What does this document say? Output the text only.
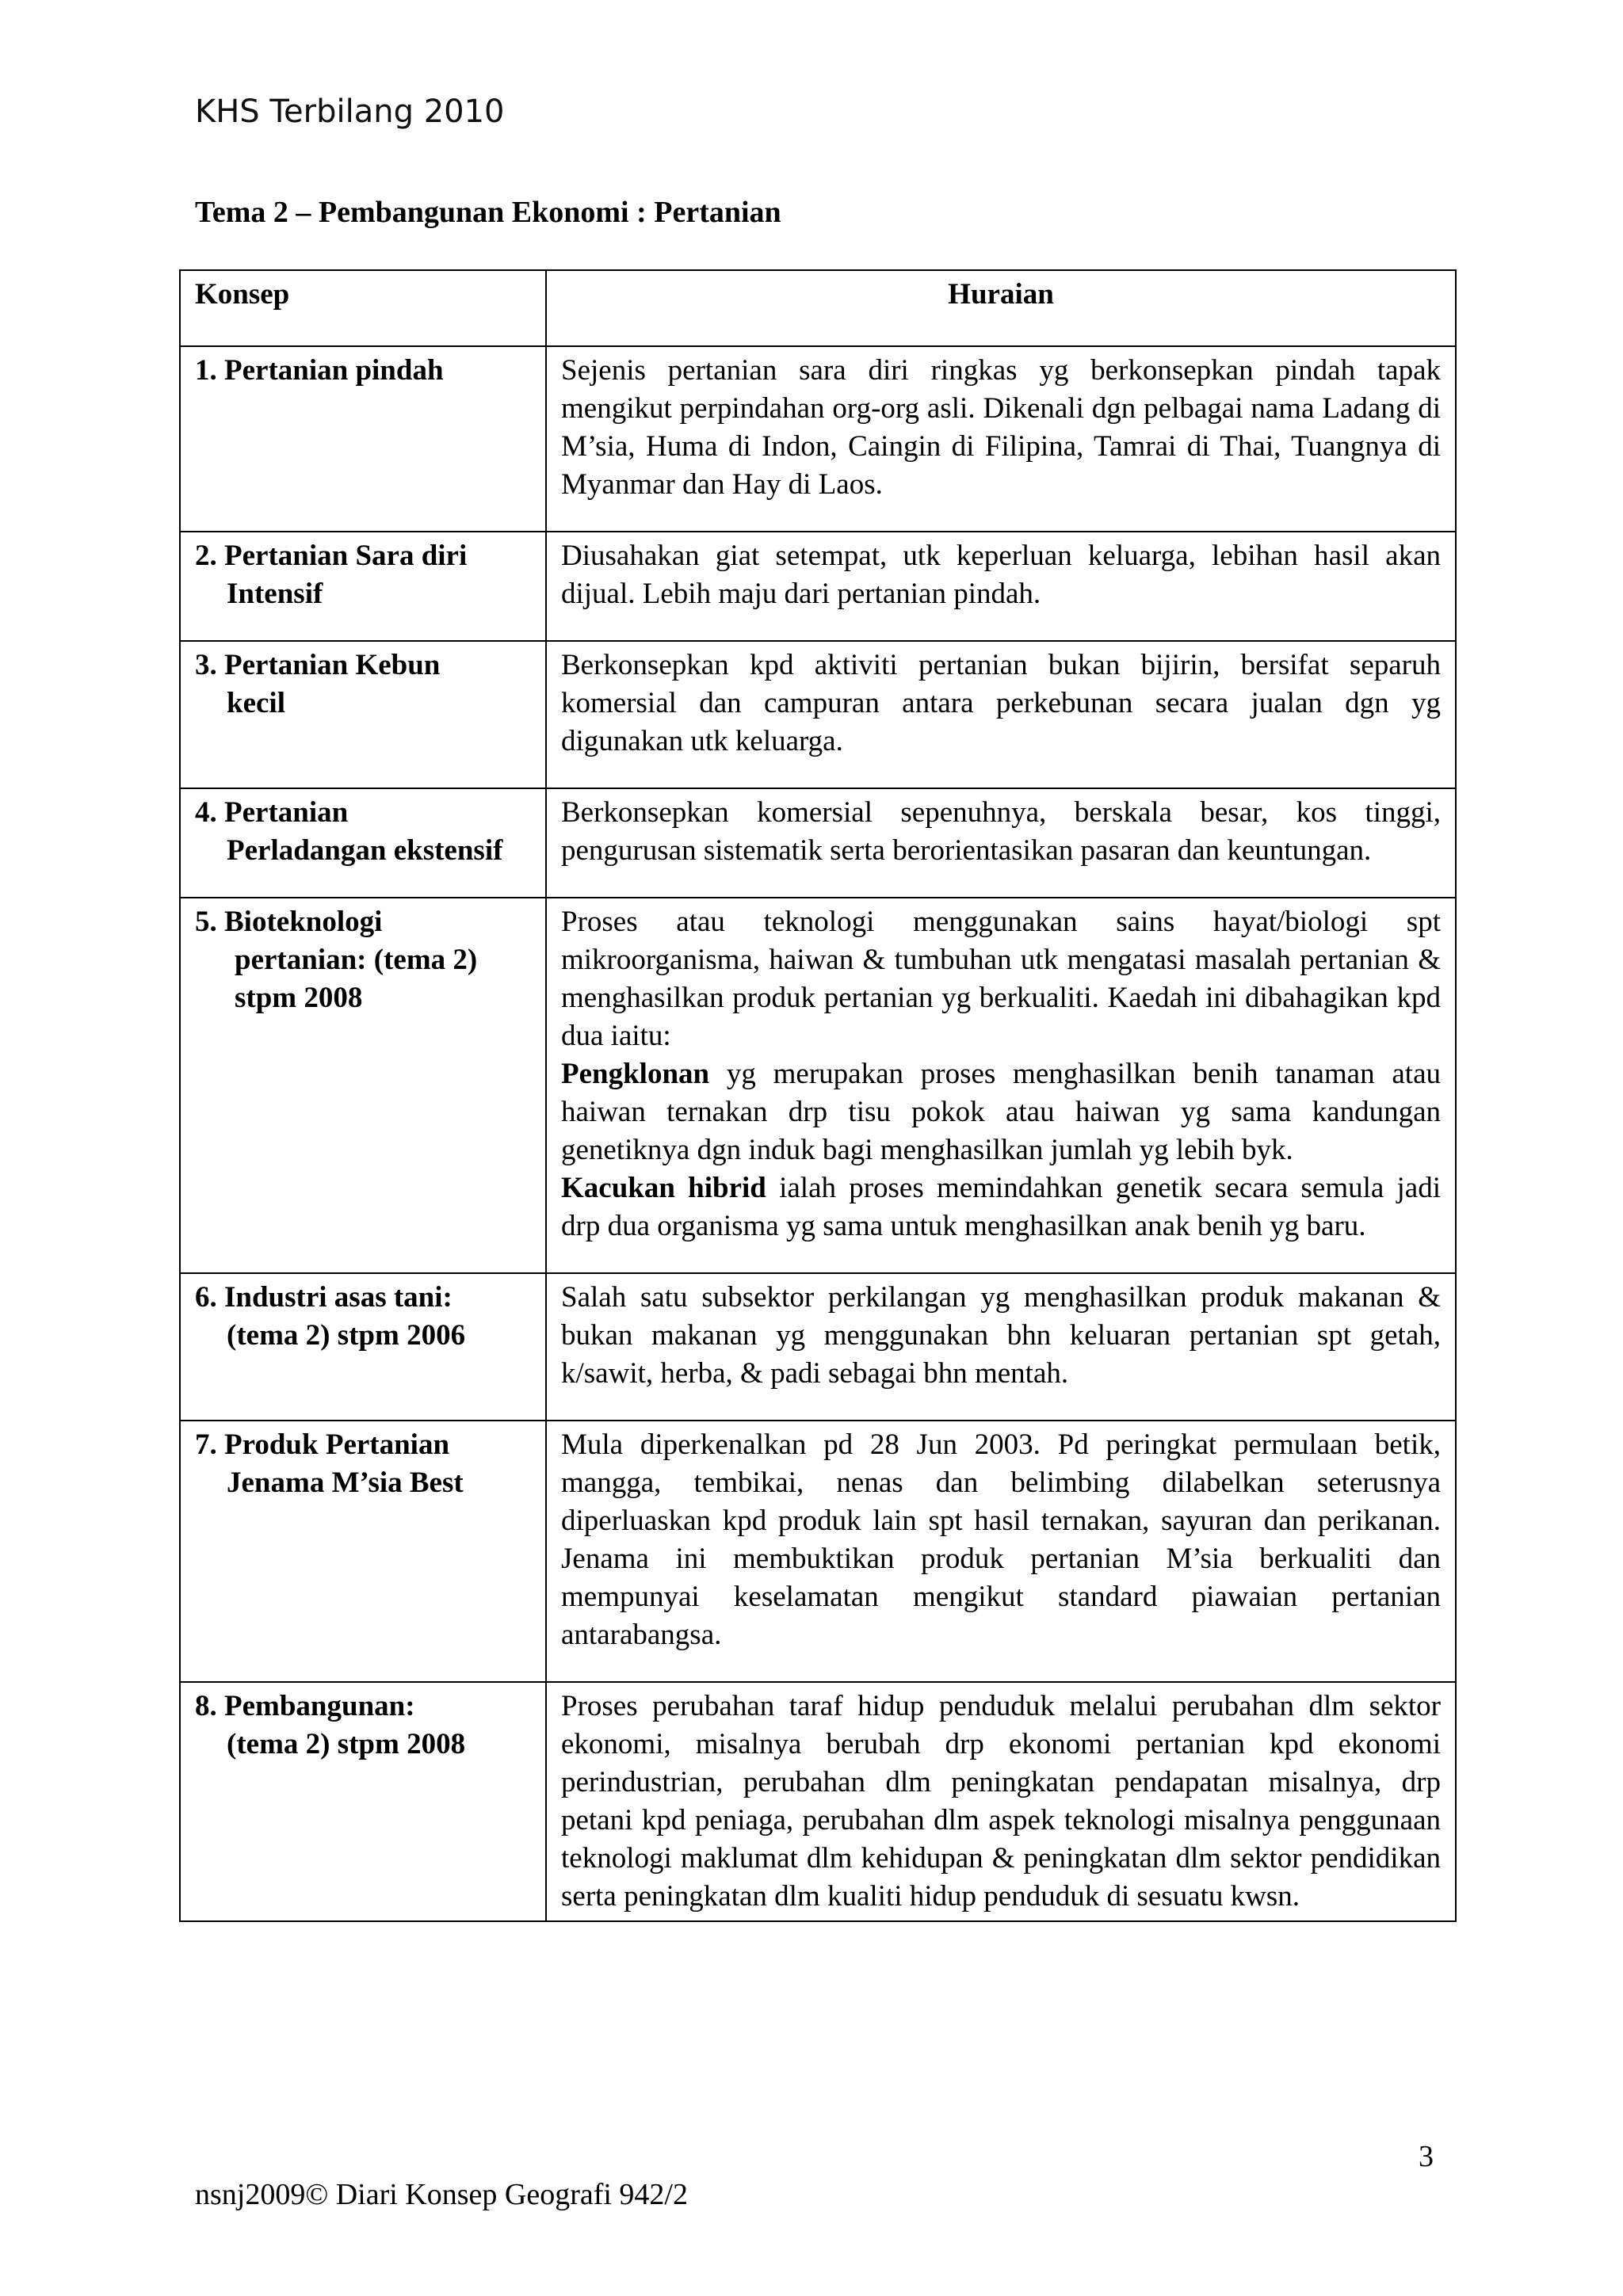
KHS Terbilang 2010
Tema 2 – Pembangunan Ekonomi : Pertanian
Konsep	Huraian
1. Pertanian pindah	Sejenis pertanian sara diri ringkas yg berkonsepkan pindah tapak mengikut perpindahan org-org asli. Dikenali dgn pelbagai nama Ladang di M’sia, Huma di Indon, Caingin di Filipina, Tamrai di Thai, Tuangnya di Myanmar dan Hay di Laos.
2. Pertanian Sara diri
Intensif	Diusahakan giat setempat, utk keperluan keluarga, lebihan hasil akan dijual. Lebih maju dari pertanian pindah.
3. Pertanian Kebun
kecil	Berkonsepkan kpd aktiviti pertanian bukan bijirin, bersifat separuh komersial dan campuran antara perkebunan secara jualan dgn yg digunakan utk keluarga.
4. Pertanian
Perladangan ekstensif	Berkonsepkan komersial sepenuhnya, berskala besar, kos tinggi, pengurusan sistematik serta berorientasikan pasaran dan keuntungan.
5. Bioteknologi
pertanian: (tema 2) stpm 2008	Proses atau teknologi menggunakan sains hayat/biologi spt mikroorganisma, haiwan & tumbuhan utk mengatasi masalah pertanian & menghasilkan produk pertanian yg berkualiti. Kaedah ini dibahagikan kpd dua iaitu:
Pengklonan yg merupakan proses menghasilkan benih tanaman atau haiwan ternakan drp tisu pokok atau haiwan yg sama kandungan genetiknya dgn induk bagi menghasilkan jumlah yg lebih byk.
Kacukan hibrid ialah proses memindahkan genetik secara semula jadi drp dua organisma yg sama untuk menghasilkan anak benih yg baru.
6. Industri asas tani:
(tema 2) stpm 2006	Salah satu subsektor perkilangan yg menghasilkan produk makanan & bukan makanan yg menggunakan bhn keluaran pertanian spt getah, k/sawit, herba, & padi sebagai bhn mentah.
7. Produk Pertanian
Jenama M’sia Best	Mula diperkenalkan pd 28 Jun 2003. Pd peringkat permulaan betik, mangga, tembikai, nenas dan belimbing dilabelkan seterusnya diperluaskan kpd produk lain spt hasil ternakan, sayuran dan perikanan. Jenama ini membuktikan produk pertanian M’sia berkualiti dan mempunyai keselamatan mengikut standard piawaian pertanian antarabangsa.
8. Pembangunan:
(tema 2) stpm 2008	Proses perubahan taraf hidup penduduk melalui perubahan dlm sektor ekonomi, misalnya berubah drp ekonomi pertanian kpd ekonomi perindustrian, perubahan dlm peningkatan pendapatan misalnya, drp petani kpd peniaga, perubahan dlm aspek teknologi misalnya penggunaan teknologi maklumat dlm kehidupan & peningkatan dlm sektor pendidikan serta peningkatan dlm kualiti hidup penduduk di sesuatu kwsn.
3
nsnj2009© Diari Konsep Geografi 942/2
